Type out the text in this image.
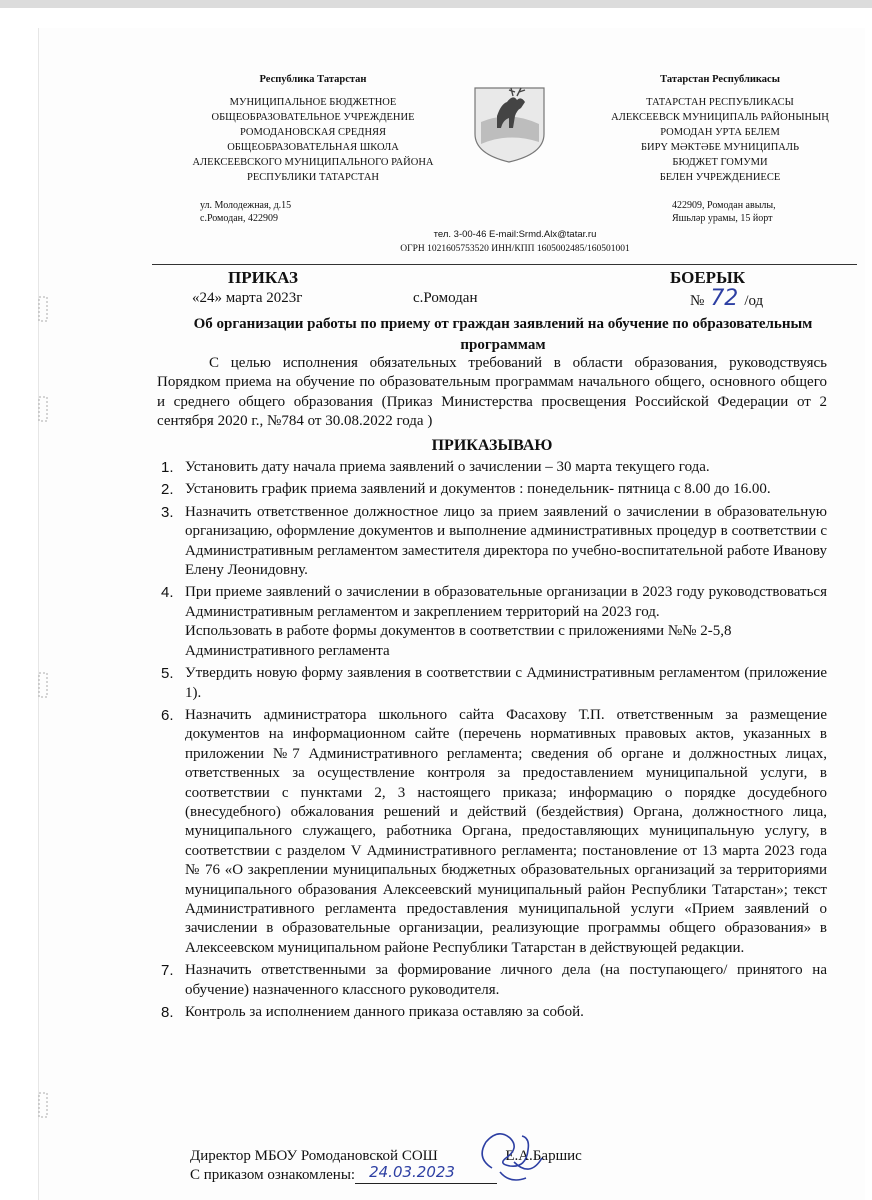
Республика Татарстан
МУНИЦИПАЛЬНОЕ БЮДЖЕТНОЕ
ОБЩЕОБРАЗОВАТЕЛЬНОЕ УЧРЕЖДЕНИЕ
РОМОДАНОВСКАЯ СРЕДНЯЯ
ОБЩЕОБРАЗОВАТЕЛЬНАЯ ШКОЛА
АЛЕКСЕЕВСКОГО МУНИЦИПАЛЬНОГО РАЙОНА
РЕСПУБЛИКИ ТАТАРСТАН
Татарстан Республикасы
ТАТАРСТАН РЕСПУБЛИКАСЫ
АЛЕКСЕЕВСК МУНИЦИПАЛЬ РАЙОНЫНЫҢ
РОМОДАН УРТА БЕЛЕМ
БИРҮ МӘКТӘБЕ МУНИЦИПАЛЬ
БЮДЖЕТ ГОМУМИ
БЕЛЕН УЧРЕЖДЕНИЕСЕ
ул. Молодежная, д.15
с.Ромодан, 422909
422909, Ромодан авылы,
Яшьләр урамы, 15 йорт
тел. 3-00-46 E-mail:Srmd.Alx@tatar.ru
ОГРН 1021605753520 ИНН/КПП 1605002485/160501001
ПРИКАЗ	БОЕРЫК
«24» марта 2023г	с.Ромодан	№ 72 /од
Об организации работы по приему от граждан заявлений на обучение по образовательным программам

С целью исполнения обязательных требований в области образования, руководствуясь Порядком приема на обучение по образовательным программам начального общего, основного общего и среднего общего образования (Приказ Министерства просвещения Российской Федерации от 2 сентября 2020 г., №784 от 30.08.2022 года )

ПРИКАЗЫВАЮ
1. Установить дату начала приема заявлений о зачислении – 30 марта текущего года.
2. Установить график приема заявлений и документов : понедельник- пятница с 8.00 до 16.00.
3. Назначить ответственное должностное лицо за прием заявлений о зачислении в образовательную организацию, оформление документов и выполнение административных процедур в соответствии с Административным регламентом заместителя директора по учебно-воспитательной работе Иванову Елену Леонидовну.
4. При приеме заявлений о зачислении в образовательные организации в 2023 году руководствоваться Административным регламентом и закреплением территорий на 2023 год.
Использовать в работе формы документов в соответствии с приложениями №№ 2-5,8 Административного регламента
5. Утвердить новую форму заявления в соответствии с Административным регламентом (приложение 1).
6. Назначить администратора школьного сайта Фасахову Т.П. ответственным за размещение документов на информационном сайте (перечень нормативных правовых актов, указанных в приложении №7 Административного регламента; сведения об органе и должностных лицах, ответственных за осуществление контроля за предоставлением муниципальной услуги, в соответствии с пунктами 2, 3 настоящего приказа; информацию о порядке досудебного (внесудебного) обжалования решений и действий (бездействия) Органа, должностного лица, муниципального служащего, работника Органа, предоставляющих муниципальную услугу, в соответствии с разделом V Административного регламента; постановление от 13 марта 2023 года № 76 «О закреплении муниципальных бюджетных образовательных организаций за территориями муниципального образования Алексеевский муниципальный район Республики Татарстан»; текст Административного регламента предоставления муниципальной услуги «Прием заявлений о зачислении в образовательные организации, реализующие программы общего образования» в Алексеевском муниципальном районе Республики Татарстан в действующей редакции.
7. Назначить ответственными за формирование личного дела (на поступающего/ принятого на обучение) назначенного классного руководителя.
8. Контроль за исполнением данного приказа оставляю за собой.
Директор МБОУ Ромодановской СОШ	Е.А.Баршис
С приказом ознакомлены: 24.03.2023
